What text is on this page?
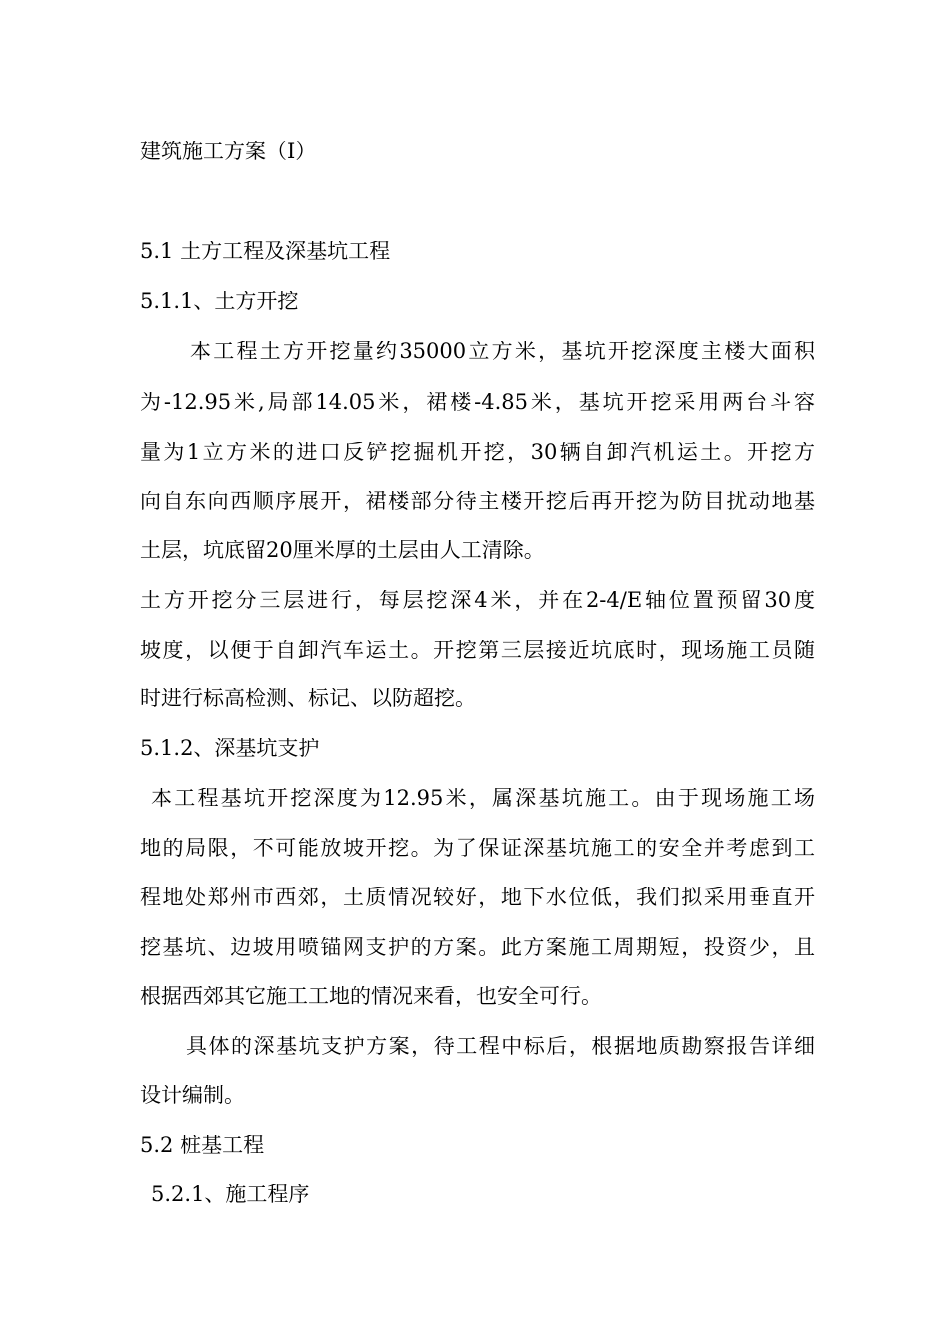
建筑施工方案（I）
5.1 土方工程及深基坑工程
5.1.1、土方开挖
本工程土方开挖量约35000立方米，基坑开挖深度主楼大面积
为-12.95米,局部14.05米，裙楼-4.85米，基坑开挖采用两台斗容
量为1立方米的进口反铲挖掘机开挖，30辆自卸汽机运土。开挖方
向自东向西顺序展开，裙楼部分待主楼开挖后再开挖为防目扰动地基
土层，坑底留20厘米厚的土层由人工清除。
土方开挖分三层进行，每层挖深4米，并在2-4/E轴位置预留30度
坡度，以便于自卸汽车运土。开挖第三层接近坑底时，现场施工员随
时进行标高检测、标记、以防超挖。
5.1.2、深基坑支护
本工程基坑开挖深度为12.95米，属深基坑施工。由于现场施工场
地的局限，不可能放坡开挖。为了保证深基坑施工的安全并考虑到工
程地处郑州市西郊，土质情况较好，地下水位低，我们拟采用垂直开
挖基坑、边坡用喷锚网支护的方案。此方案施工周期短，投资少，且
根据西郊其它施工工地的情况来看，也安全可行。
具体的深基坑支护方案，待工程中标后，根据地质勘察报告详细
设计编制。
5.2 桩基工程
5.2.1、施工程序
